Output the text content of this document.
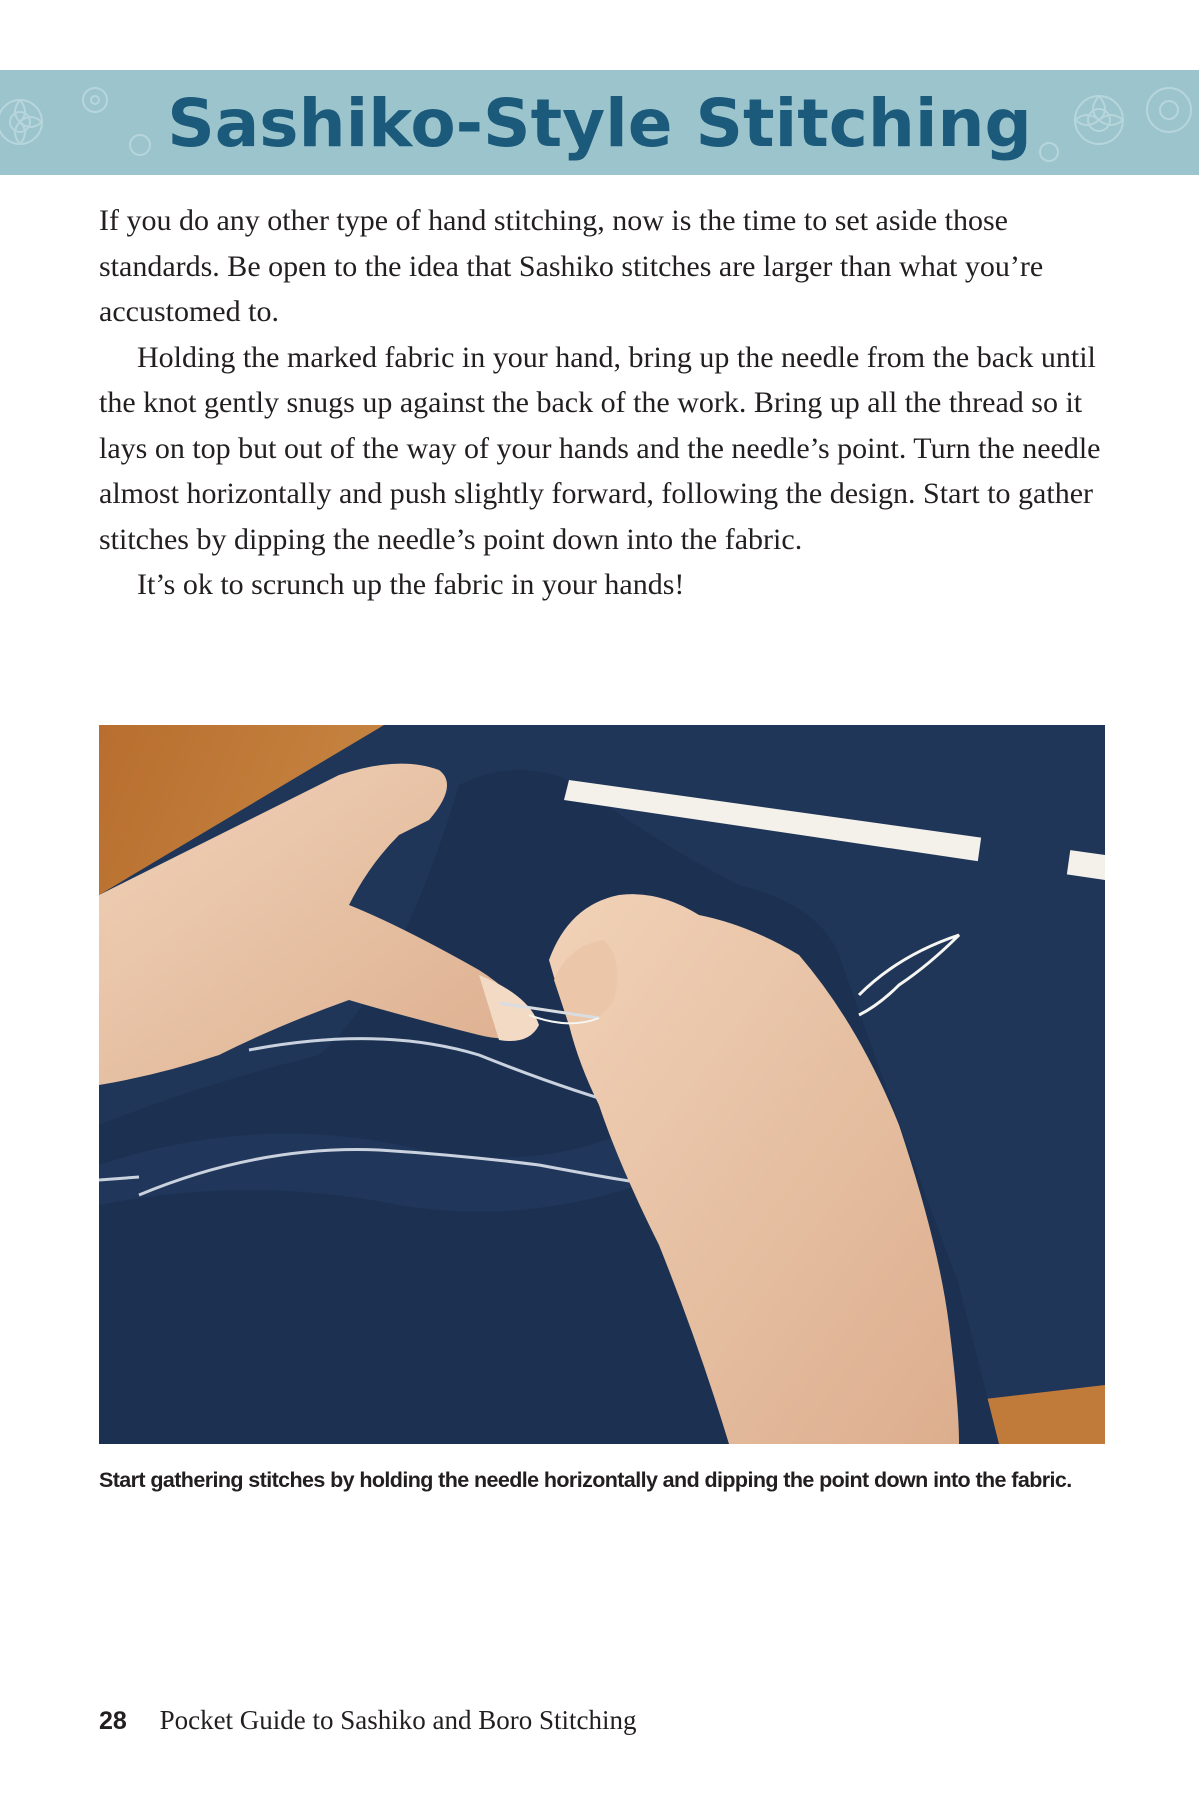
Sashiko-Style Stitching

If you do any other type of hand stitching, now is the time to set aside those standards. Be open to the idea that Sashiko stitches are larger than what you’re accustomed to.

Holding the marked fabric in your hand, bring up the needle from the back until the knot gently snugs up against the back of the work. Bring up all the thread so it lays on top but out of the way of your hands and the needle’s point. Turn the needle almost horizontally and push slightly forward, following the design. Start to gather stitches by dipping the needle’s point down into the fabric.

It’s ok to scrunch up the fabric in your hands!

Start gathering stitches by holding the needle horizontally and dipping the point down into the fabric.
28 Pocket Guide to Sashiko and Boro Stitching
